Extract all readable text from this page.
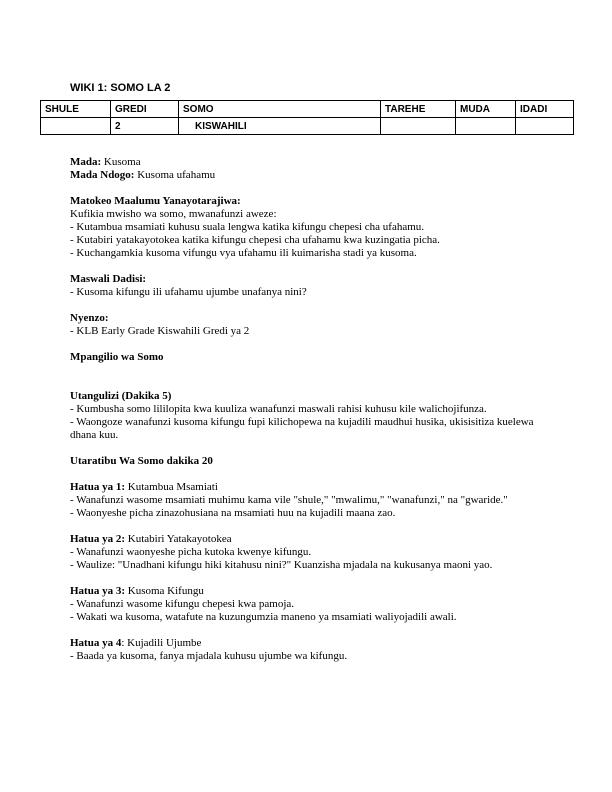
WIKI 1: SOMO LA 2
SHULE	GREDI	SOMO	TAREHE	MUDA	IDADI
	2	KISWAHILI			
Mada: Kusoma
Mada Ndogo: Kusoma ufahamu
Matokeo Maalumu Yanayotarajiwa:
Kufikia mwisho wa somo, mwanafunzi aweze:
- Kutambua msamiati kuhusu suala lengwa katika kifungu chepesi cha ufahamu.
- Kutabiri yatakayotokea katika kifungu chepesi cha ufahamu kwa kuzingatia picha.
- Kuchangamkia kusoma vifungu vya ufahamu ili kuimarisha stadi ya kusoma.
Maswali Dadisi:
- Kusoma kifungu ili ufahamu ujumbe unafanya nini?
Nyenzo:
- KLB Early Grade Kiswahili Gredi ya 2
Mpangilio wa Somo
Utangulizi (Dakika 5)
- Kumbusha somo lililopita kwa kuuliza wanafunzi maswali rahisi kuhusu kile walichojifunza.
- Waongoze wanafunzi kusoma kifungu fupi kilichopewa na kujadili maudhui husika, ukisisitiza kuelewa dhana kuu.
Utaratibu Wa Somo dakika 20
Hatua ya 1: Kutambua Msamiati
- Wanafunzi wasome msamiati muhimu kama vile "shule," "mwalimu," "wanafunzi," na "gwaride."
- Waonyeshe picha zinazohusiana na msamiati huu na kujadili maana zao.
Hatua ya 2: Kutabiri Yatakayotokea
- Wanafunzi waonyeshe picha kutoka kwenye kifungu.
- Waulize: "Unadhani kifungu hiki kitahusu nini?" Kuanzisha mjadala na kukusanya maoni yao.
Hatua ya 3: Kusoma Kifungu
- Wanafunzi wasome kifungu chepesi kwa pamoja.
- Wakati wa kusoma, watafute na kuzungumzia maneno ya msamiati waliyojadili awali.
Hatua ya 4: Kujadili Ujumbe
- Baada ya kusoma, fanya mjadala kuhusu ujumbe wa kifungu.
